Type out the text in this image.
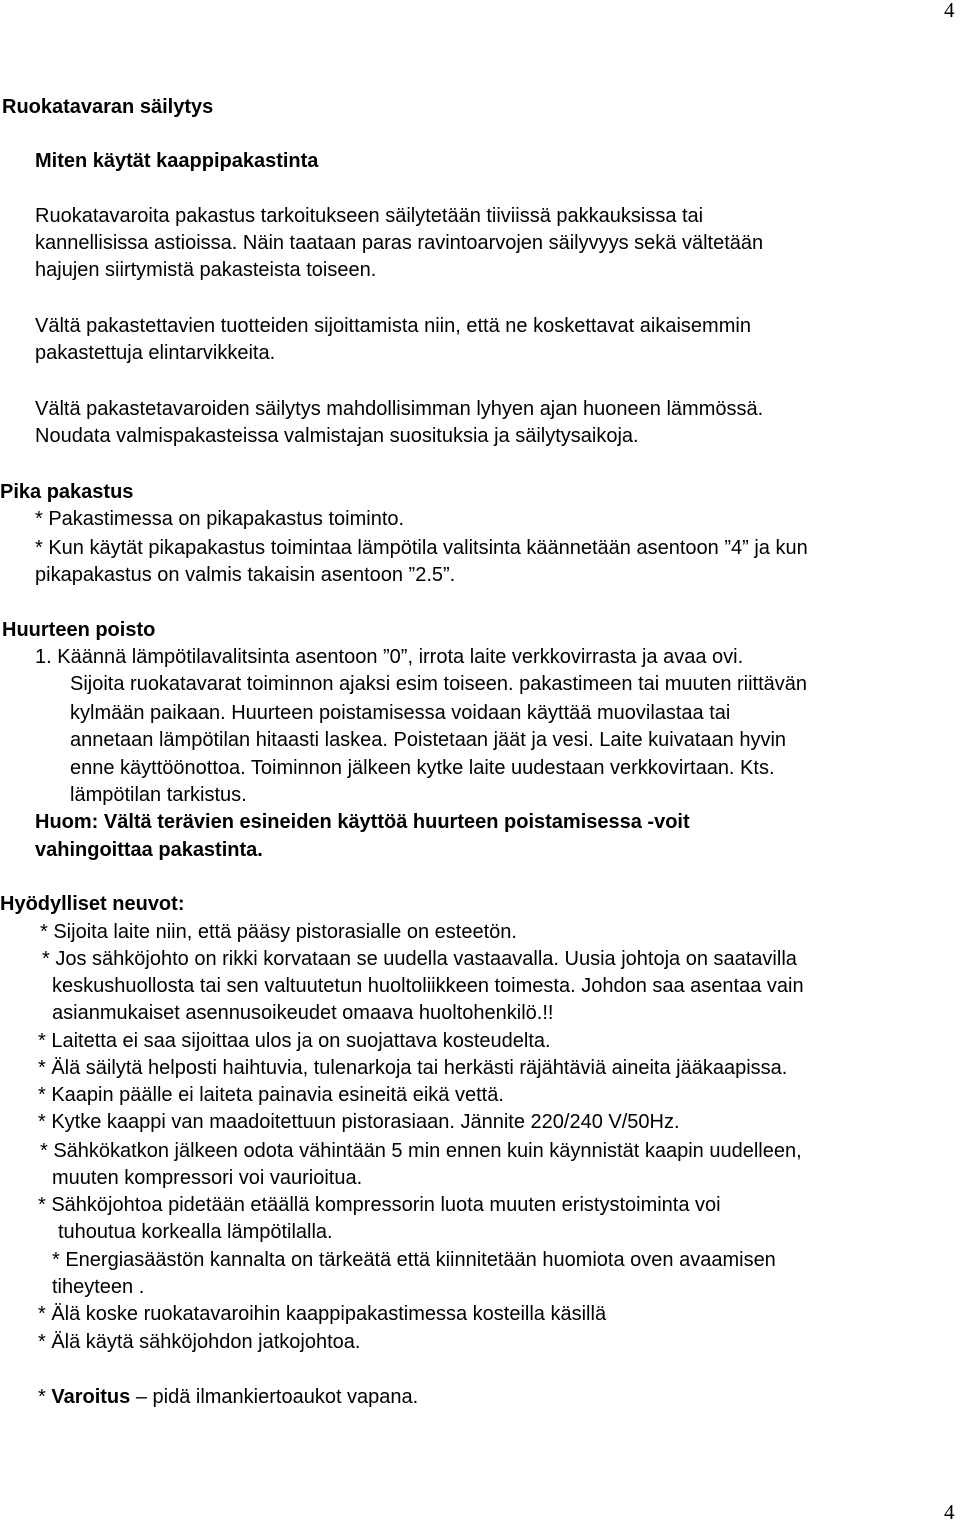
4
Ruokatavaran säilytys
Miten käytät kaappipakastinta
Ruokatavaroita pakastus tarkoitukseen säilytetään tiiviissä pakkauksissa tai
kannellisissa astioissa. Näin taataan paras ravintoarvojen säilyvyys sekä vältetään
hajujen siirtymistä pakasteista toiseen.
Vältä pakastettavien tuotteiden sijoittamista niin, että ne koskettavat aikaisemmin
pakastettuja elintarvikkeita.
Vältä pakastetavaroiden säilytys mahdollisimman lyhyen ajan huoneen lämmössä.
Noudata valmispakasteissa valmistajan suosituksia ja säilytysaikoja.
Pika pakastus
* Pakastimessa on pikapakastus toiminto.
* Kun käytät pikapakastus toimintaa lämpötila valitsinta käännetään asentoon ”4” ja kun
pikapakastus on valmis takaisin asentoon ”2.5”.
Huurteen poisto
1. Käännä lämpötilavalitsinta asentoon ”0”, irrota laite verkkovirrasta ja avaa ovi.
Sijoita ruokatavarat toiminnon ajaksi esim toiseen. pakastimeen tai muuten riittävän
kylmään paikaan. Huurteen poistamisessa voidaan käyttää muovilastaa tai
annetaan lämpötilan hitaasti laskea. Poistetaan jäät ja vesi. Laite kuivataan hyvin
enne käyttöönottoa. Toiminnon jälkeen kytke laite uudestaan verkkovirtaan. Kts.
lämpötilan tarkistus.
Huom: Vältä terävien esineiden käyttöä huurteen poistamisessa -voit
vahingoittaa pakastinta.
Hyödylliset neuvot:
* Sijoita laite niin, että pääsy pistorasialle on esteetön.
* Jos sähköjohto on rikki korvataan se uudella vastaavalla. Uusia johtoja on saatavilla
keskushuollosta tai sen valtuutetun huoltoliikkeen toimesta. Johdon saa asentaa vain
asianmukaiset asennusoikeudet omaava huoltohenkilö.!!
* Laitetta ei saa sijoittaa ulos ja on suojattava kosteudelta.
* Älä säilytä helposti haihtuvia, tulenarkoja tai herkästi räjähtäviä aineita jääkaapissa.
* Kaapin päälle ei laiteta painavia esineitä eikä vettä.
* Kytke kaappi van maadoitettuun pistorasiaan. Jännite 220/240 V/50Hz.
* Sähkökatkon jälkeen odota vähintään 5 min ennen kuin käynnistät kaapin uudelleen,
muuten kompressori voi vaurioitua.
* Sähköjohtoa pidetään etäällä kompressorin luota muuten eristystoiminta voi
tuhoutua korkealla lämpötilalla.
* Energiasäästön kannalta on tärkeätä että kiinnitetään huomiota oven avaamisen
tiheyteen .
* Älä koske ruokatavaroihin kaappipakastimessa kosteilla käsillä
* Älä käytä sähköjohdon jatkojohtoa.
* Varoitus – pidä ilmankiertoaukot vapana.
4
